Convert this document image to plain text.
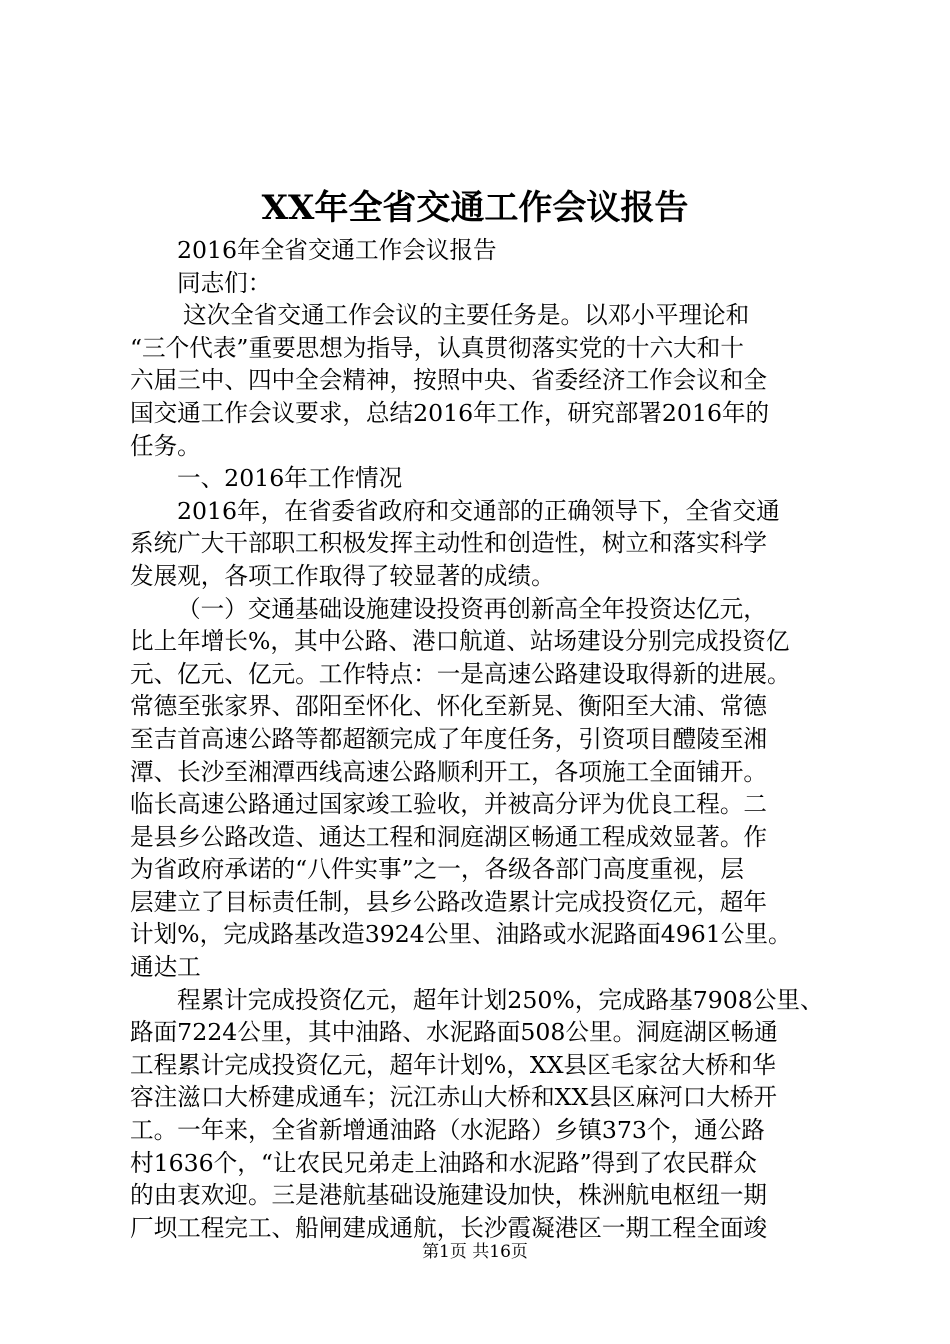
XX年全省交通工作会议报告
2016年全省交通工作会议报告
同志们：
这次全省交通工作会议的主要任务是。以邓小平理论和
“三个代表”重要思想为指导，认真贯彻落实党的十六大和十
六届三中、四中全会精神，按照中央、省委经济工作会议和全
国交通工作会议要求，总结2016年工作，研究部署2016年的
任务。
一、2016年工作情况
2016年，在省委省政府和交通部的正确领导下，全省交通
系统广大干部职工积极发挥主动性和创造性，树立和落实科学
发展观，各项工作取得了较显著的成绩。
（一）交通基础设施建设投资再创新高全年投资达亿元，
比上年增长%，其中公路、港口航道、站场建设分别完成投资亿
元、亿元、亿元。工作特点：一是高速公路建设取得新的进展。
常德至张家界、邵阳至怀化、怀化至新晃、衡阳至大浦、常德
至吉首高速公路等都超额完成了年度任务，引资项目醴陵至湘
潭、长沙至湘潭西线高速公路顺利开工，各项施工全面铺开。
临长高速公路通过国家竣工验收，并被高分评为优良工程。二
是县乡公路改造、通达工程和洞庭湖区畅通工程成效显著。作
为省政府承诺的“八件实事”之一，各级各部门高度重视，层
层建立了目标责任制，县乡公路改造累计完成投资亿元，超年
计划%，完成路基改造3924公里、油路或水泥路面4961公里。
通达工
程累计完成投资亿元，超年计划250%，完成路基7908公里、
路面7224公里，其中油路、水泥路面508公里。洞庭湖区畅通
工程累计完成投资亿元，超年计划%，XX县区毛家岔大桥和华
容注滋口大桥建成通车；沅江赤山大桥和XX县区麻河口大桥开
工。一年来，全省新增通油路（水泥路）乡镇373个，通公路
村1636个，“让农民兄弟走上油路和水泥路”得到了农民群众
的由衷欢迎。三是港航基础设施建设加快，株洲航电枢纽一期
厂坝工程完工、船闸建成通航，长沙霞凝港区一期工程全面竣
第1页 共16页
